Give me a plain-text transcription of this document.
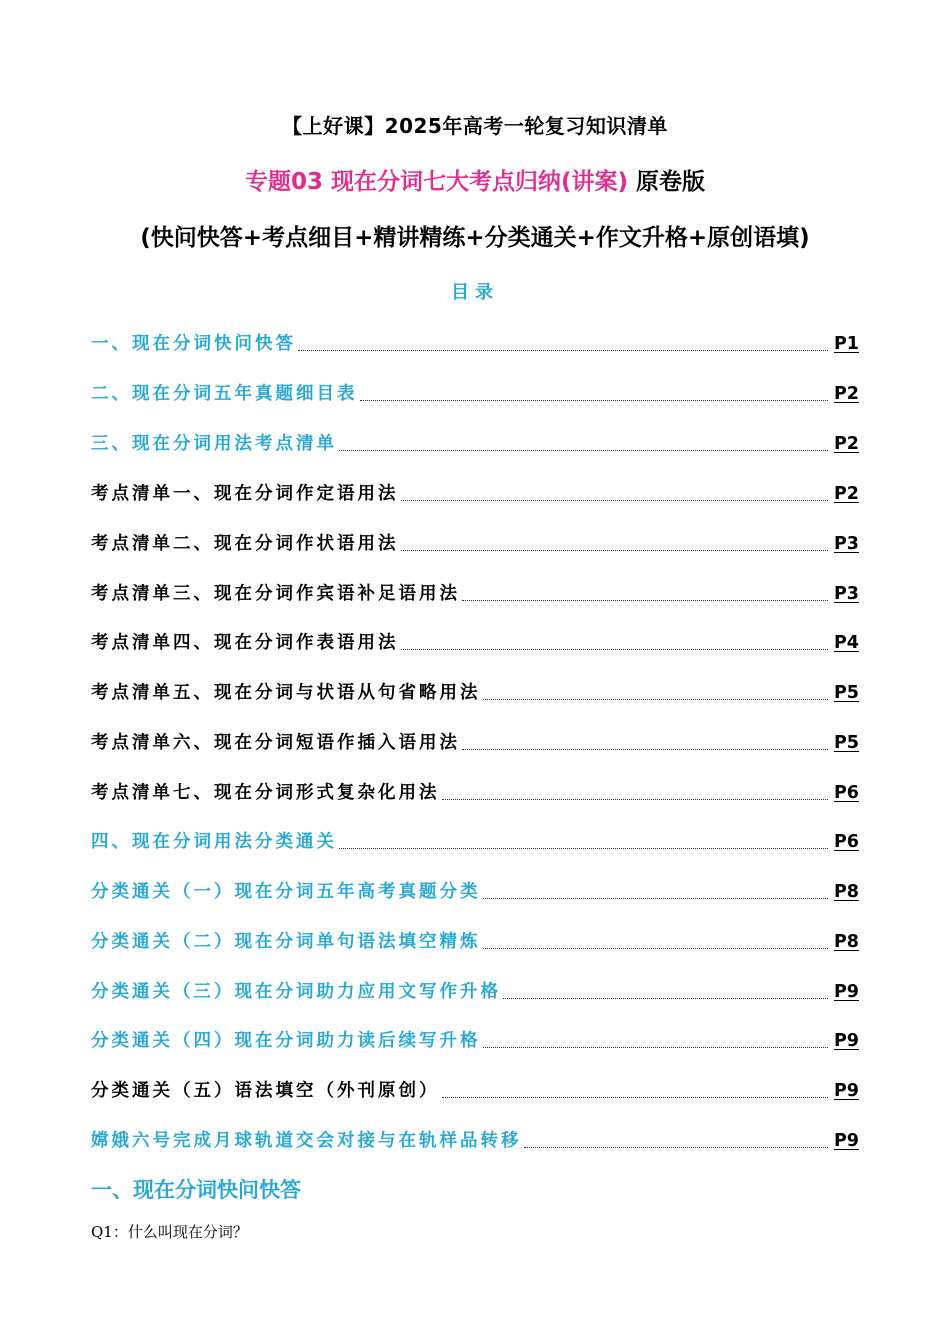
【上好课】2025年高考一轮复习知识清单
专题03 现在分词七大考点归纳(讲案) 原卷版
(快问快答+考点细目+精讲精练+分类通关+作文升格+原创语填)
目录
一、现在分词快问快答	P1
二、现在分词五年真题细目表	P2
三、现在分词用法考点清单	P2
考点清单一、现在分词作定语用法	P2
考点清单二、现在分词作状语用法	P3
考点清单三、现在分词作宾语补足语用法	P3
考点清单四、现在分词作表语用法	P4
考点清单五、现在分词与状语从句省略用法	P5
考点清单六、现在分词短语作插入语用法	P5
考点清单七、现在分词形式复杂化用法	P6
四、现在分词用法分类通关	P6
分类通关（一）现在分词五年高考真题分类	P8
分类通关（二）现在分词单句语法填空精炼	P8
分类通关（三）现在分词助力应用文写作升格	P9
分类通关（四）现在分词助力读后续写升格	P9
分类通关（五）语法填空（外刊原创）	P9
嫦娥六号完成月球轨道交会对接与在轨样品转移	P9
一、现在分词快问快答
Q1：什么叫现在分词？
